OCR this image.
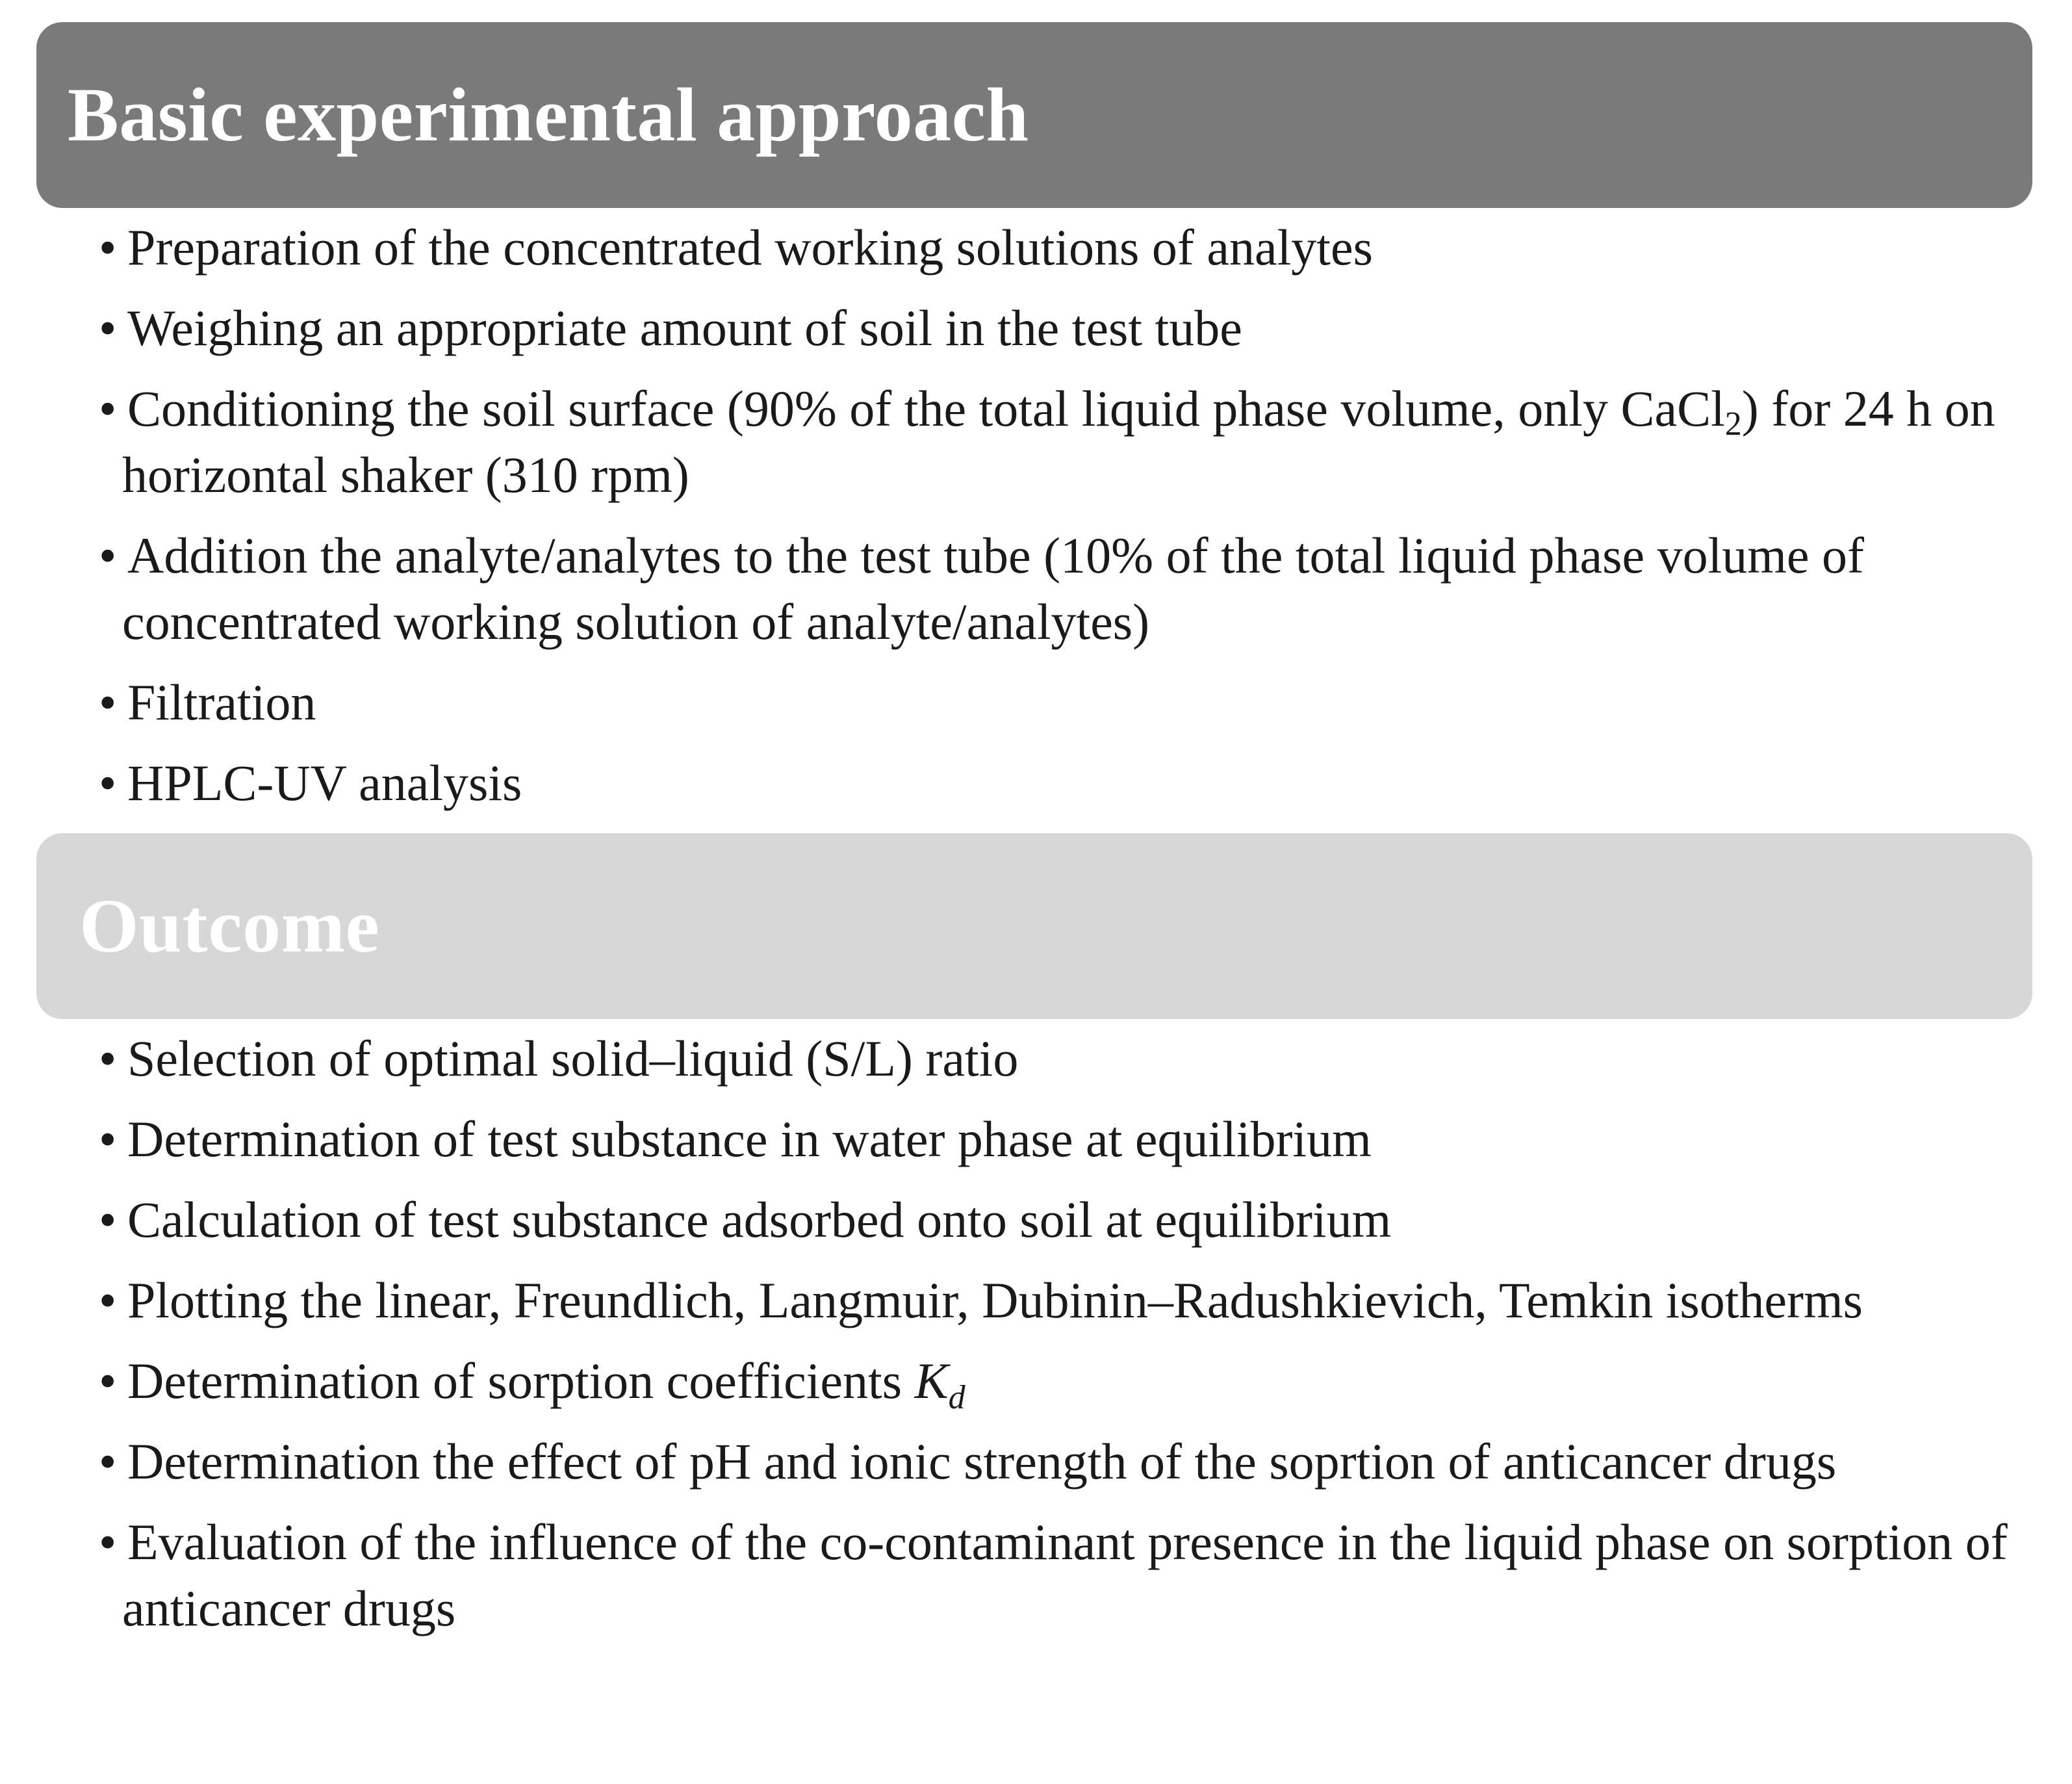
Basic experimental approach
• Preparation of the concentrated working solutions of analytes
• Weighing an appropriate amount of soil in the test tube
• Conditioning the soil surface (90% of the total liquid phase volume, only CaCl$_2$) for 24 h on horizontal shaker (310 rpm)
• Addition the analyte/analytes to the test tube (10% of the total liquid phase volume of concentrated working solution of analyte/analytes)
• Filtration
• HPLC-UV analysis
Outcome
• Selection of optimal solid–liquid (S/L) ratio
• Determination of test substance in water phase at equilibrium
• Calculation of test substance adsorbed onto soil at equilibrium
• Plotting the linear, Freundlich, Langmuir, Dubinin–Radushkievich, Temkin isotherms
• Determination of sorption coefficients $K_d$
• Determination the effect of pH and ionic strength of the soprtion of anticancer drugs
• Evaluation of the influence of the co-contaminant presence in the liquid phase on sorption of anticancer drugs
